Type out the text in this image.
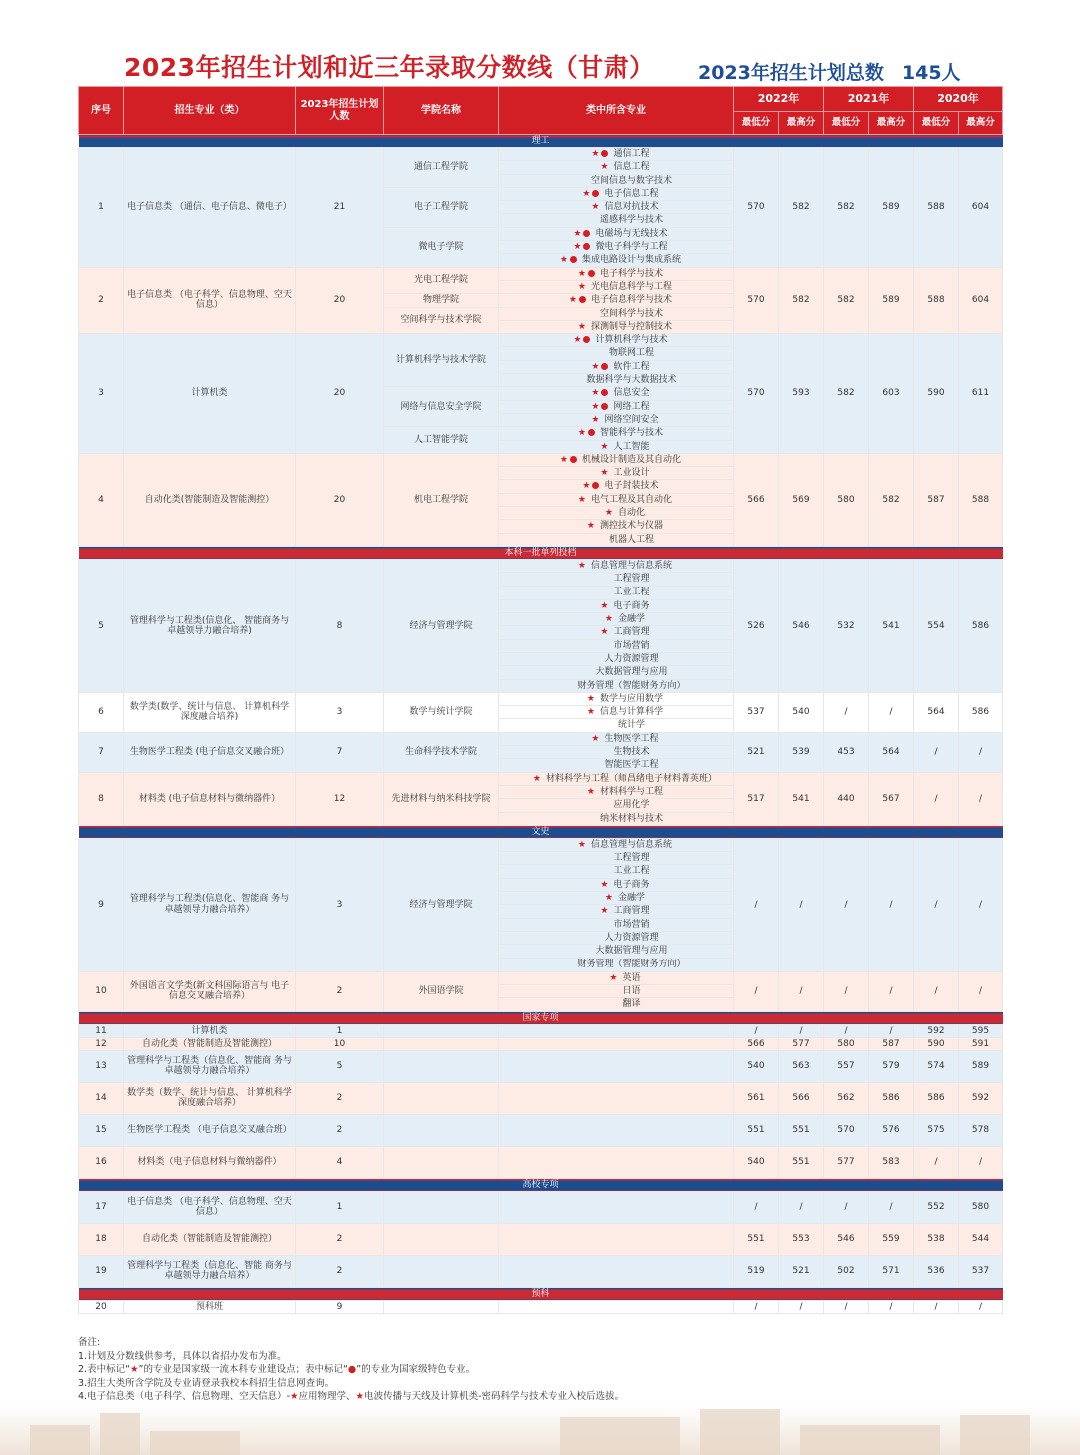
2023年招生计划和近三年录取分数线（甘肃） 2023年招生计划总数 145人
序号	招生专业（类）	2023年招生计划人数	学院名称	类中所含专业	2022年		2021年		2020年	
					最低分	最高分	最低分	最高分	最低分	最高分
理工										
1	电子信息类 （通信、电子信息、微电子）	21	通信工程学院	★ 通信工程	570	582	582	589	588	604
				★ 信息工程						
				空间信息与数字技术						
			电子工程学院	★ 电子信息工程						
				★ 信息对抗技术						
				遥感科学与技术						
			微电子学院	★ 电磁场与无线技术						
				★ 微电子科学与工程						
				★ 集成电路设计与集成系统						
2	电子信息类 （电子科学、信息物理、空天信息）	20	光电工程学院	★ 电子科学与技术	570	582	582	589	588	604
				★ 光电信息科学与工程						
			物理学院	★ 电子信息科学与技术						
			空间科学与技术学院	空间科学与技术						
				★ 探测制导与控制技术						
3	计算机类	20	计算机科学与技术学院	★ 计算机科学与技术	570	593	582	603	590	611
				物联网工程						
				★ 软件工程						
				数据科学与大数据技术						
			网络与信息安全学院	★ 信息安全						
				★ 网络工程						
				★ 网络空间安全						
			人工智能学院	★ 智能科学与技术						
				★ 人工智能						
4	自动化类(智能制造及智能测控）	20	机电工程学院	★ 机械设计制造及其自动化	566	569	580	582	587	588
				★ 工业设计						
				★ 电子封装技术						
				★ 电气工程及其自动化						
				★ 自动化						
				★ 测控技术与仪器						
				机器人工程						
本科一批单列投档										
5	管理科学与工程类(信息化、 智能商务与卓越领导力融合培养)	8	经济与管理学院	★ 信息管理与信息系统	526	546	532	541	554	586
				工程管理						
				工业工程						
				★ 电子商务						
				★ 金融学						
				★ 工商管理						
				市场营销						
				人力资源管理						
				大数据管理与应用						
				财务管理（智能财务方向）						
6	数学类(数学、统计与信息、 计算机科学深度融合培养)	3	数学与统计学院	★ 数学与应用数学	537	540	/	/	564	586
				★ 信息与计算科学						
				统计学						
7	生物医学工程类 (电子信息交叉融合班）	7	生命科学技术学院	★ 生物医学工程	521	539	453	564	/	/
				生物技术						
				智能医学工程						
8	材料类 (电子信息材料与微纳器件）	12	先进材料与纳米科技学院	★ 材料科学与工程（师昌绪电子材料菁英班）	517	541	440	567	/	/
				★ 材料科学与工程						
				应用化学						
				纳米材料与技术						
文史										
9	管理科学与工程类(信息化、智能商 务与卓越领导力融合培养）	3	经济与管理学院	★ 信息管理与信息系统	/	/	/	/	/	/
				工程管理						
				工业工程						
				★ 电子商务						
				★ 金融学						
				★ 工商管理						
				市场营销						
				人力资源管理						
				大数据管理与应用						
				财务管理（智能财务方向）						
10	外国语言文学类(新文科国际语言与 电子信息交叉融合培养）	2	外国语学院	★ 英语	/	/	/	/	/	/
				日语						
				翻译						
国家专项										
11	计算机类	1			/	/	/	/	592	595
12	自动化类（智能制造及智能测控）	10			566	577	580	587	590	591
13	管理科学与工程类（信息化、智能商 务与卓越领导力融合培养）	5			540	563	557	579	574	589
14	数学类（数学、统计与信息、 计算机科学深度融合培养）	2			561	566	562	586	586	592
15	生物医学工程类 （电子信息交叉融合班）	2			551	551	570	576	575	578
16	材料类（电子信息材料与微纳器件）	4			540	551	577	583	/	/
高校专项										
17	电子信息类 （电子科学、信息物理、空天信息）	1			/	/	/	/	552	580
18	自动化类（智能制造及智能测控）	2			551	553	546	559	538	544
19	管理科学与工程类（信息化、智能 商务与卓越领导力融合培养）	2			519	521	502	571	536	537
预科										
20	预科班	9			/	/	/	/	/	/
备注:
1.计划及分数线供参考，具体以省招办发布为准。
2.表中标记“★”的专业是国家级一流本科专业建设点；表中标记“●”的专业为国家级特色专业。
3.招生大类所含学院及专业请登录我校本科招生信息网查询。
4.电子信息类（电子科学、信息物理、空天信息）-★应用物理学、★电波传播与天线及计算机类-密码科学与技术专业入校后选拔。
